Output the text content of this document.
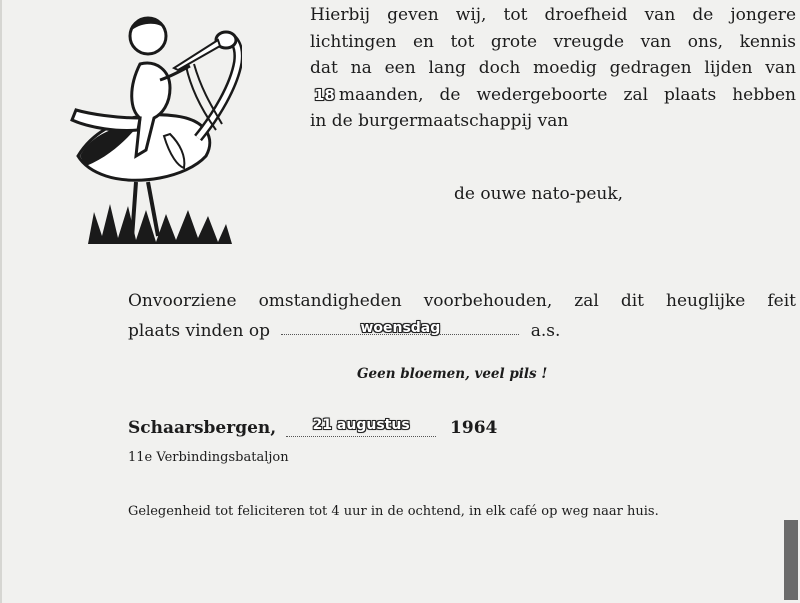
Hierbij geven wij, tot droefheid van de jongere
lichtingen en tot grote vreugde van ons, kennis
dat na een lang doch moedig gedragen lijden van
18 maanden, de wedergeboorte zal plaats hebben
in de burgermaatschappij van

de ouwe nato-peuk,

Onvoorziene omstandigheden voorbehouden, zal dit heuglijke feit
plaats vinden op	woensdag	a.s.

Geen bloemen, veel pils !

Schaarsbergen,	21 augustus 1964

11e Verbindingsbataljon

Gelegenheid tot feliciteren tot 4 uur in de ochtend, in elk café op weg naar huis.
